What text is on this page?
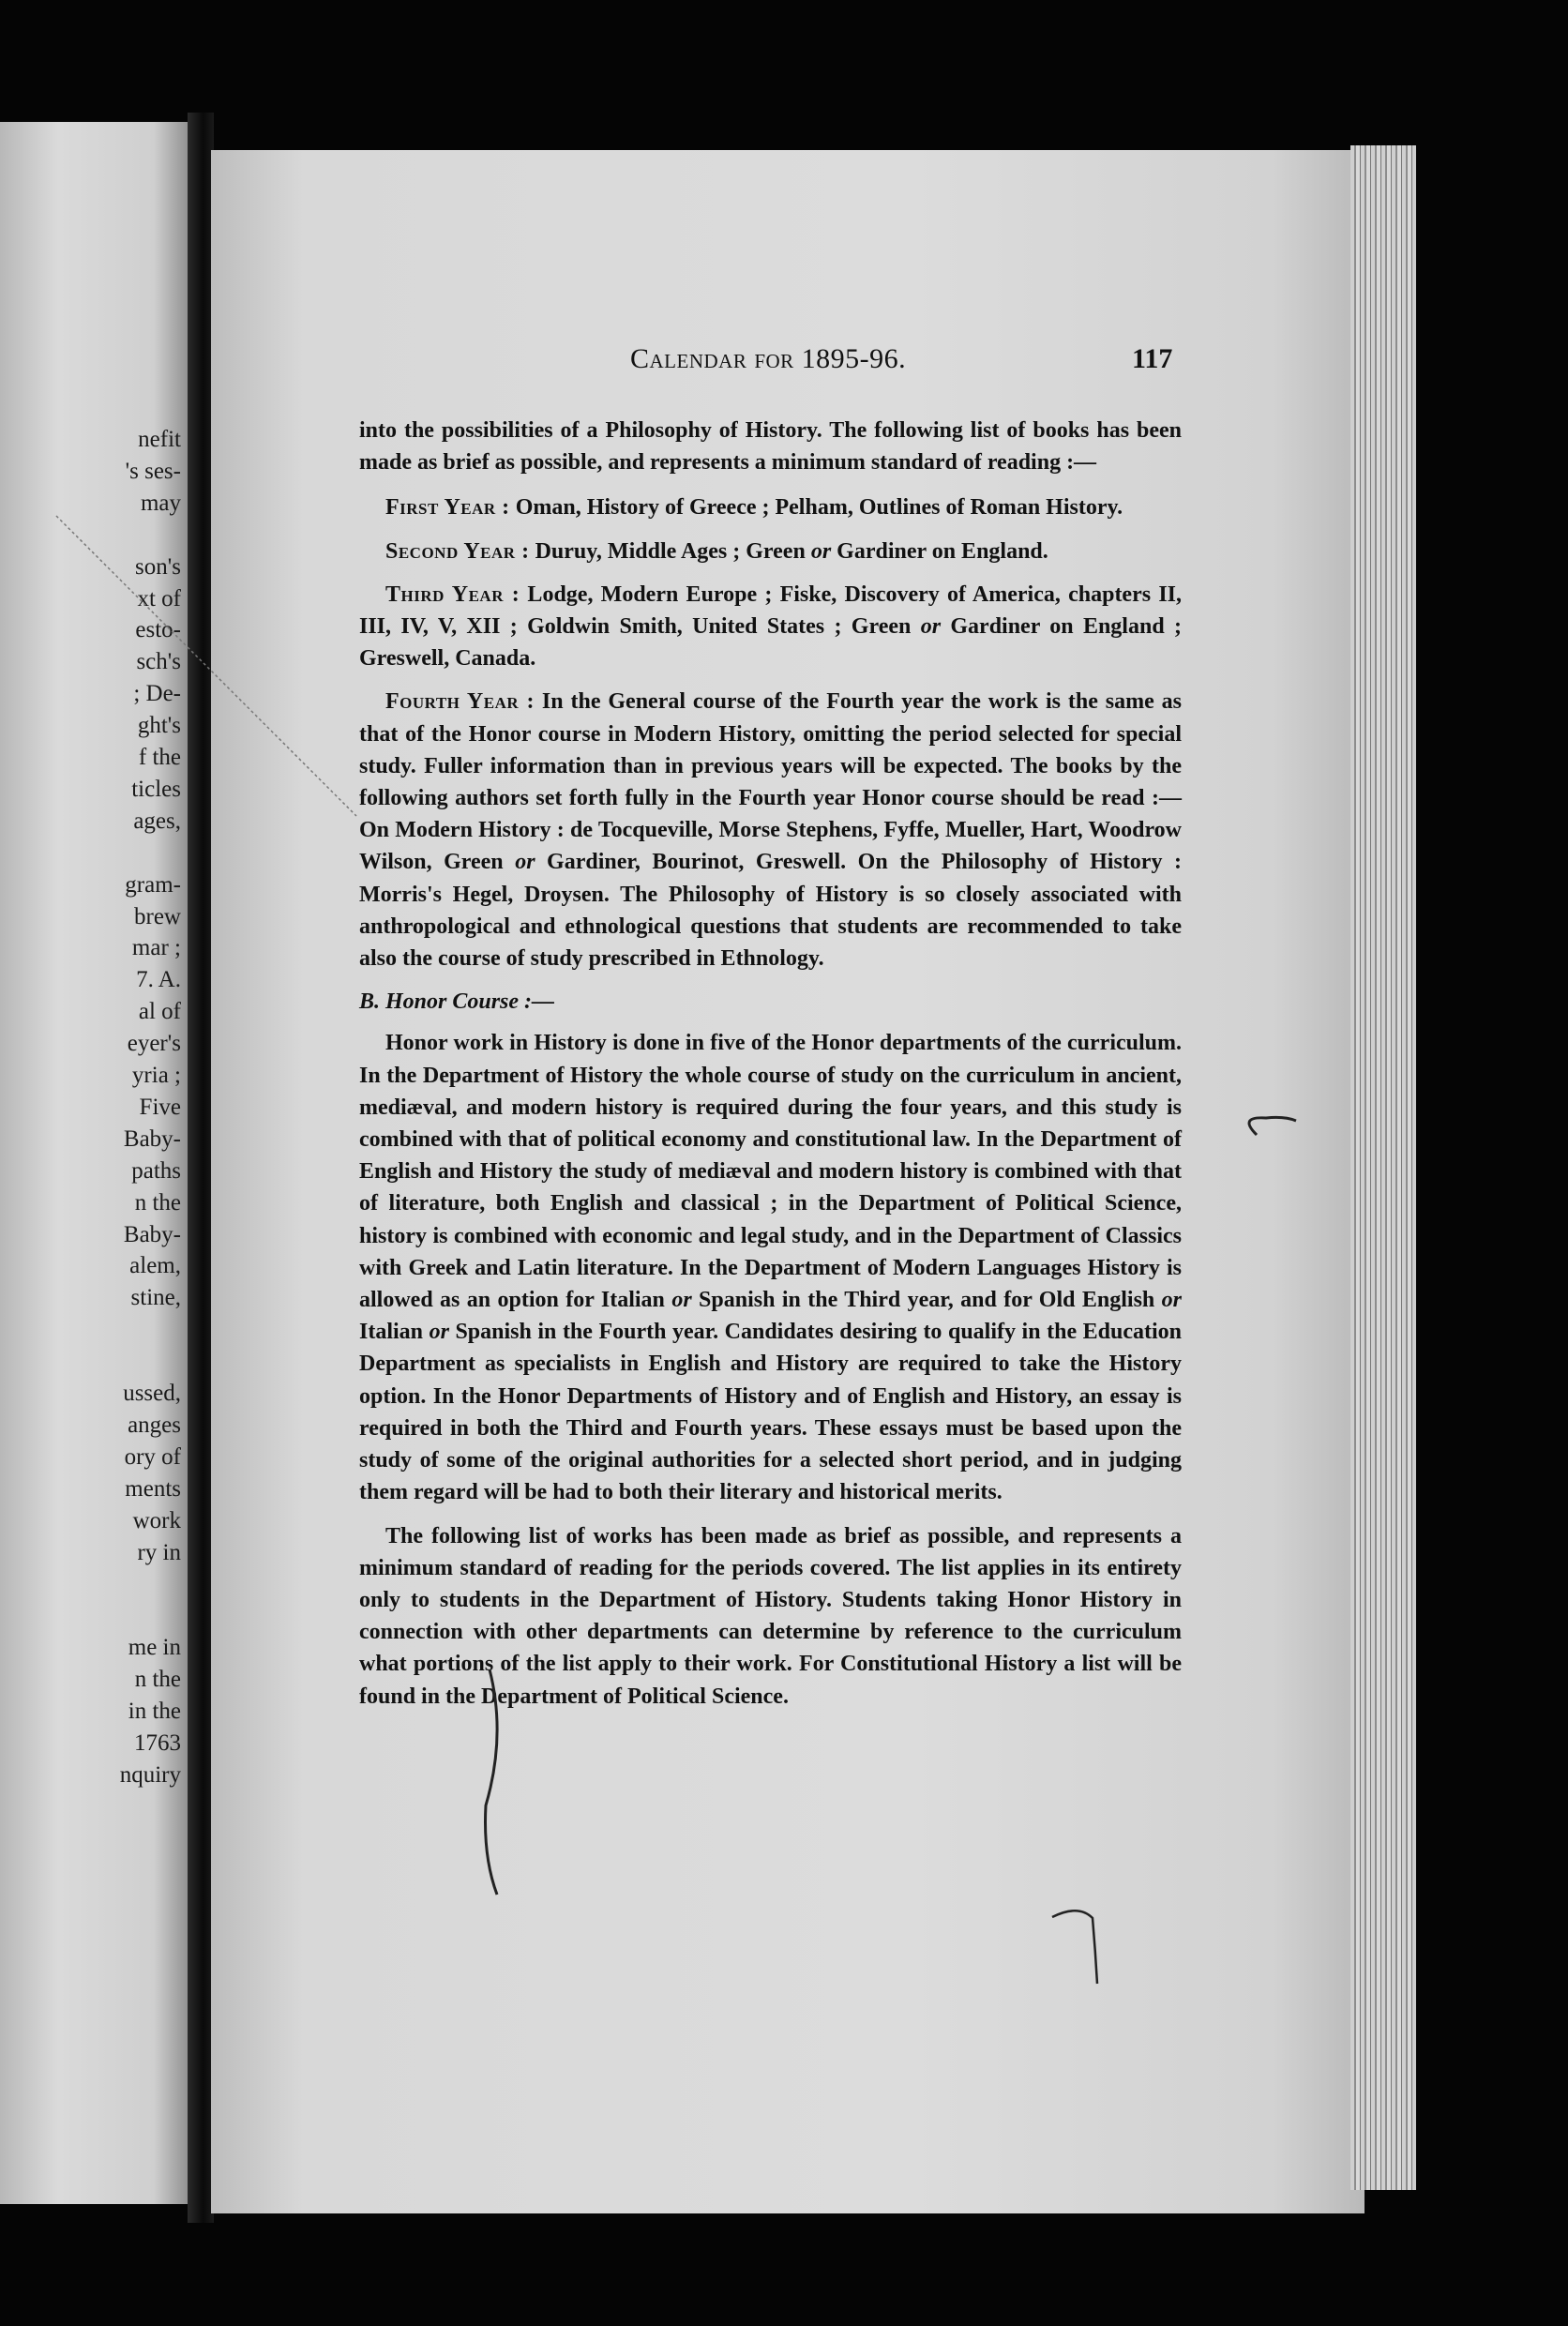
nefit
's ses-
may
son's
xt of
esto-
sch's
; De-
ght's
f the
ticles
ages,
gram-
brew
mar ;
7. A.
al of
eyer's
yria ;
Five
Baby-
paths
n the
Baby-
alem,
stine,
ussed,
anges
ory of
ments
work
ry in
me in
n the
in the
1763
nquiry
Calendar for 1895-96.	117

into the possibilities of a Philosophy of History. The following list of books has been made as brief as possible, and represents a minimum standard of reading :—

First Year : Oman, History of Greece ; Pelham, Outlines of Roman History.

Second Year : Duruy, Middle Ages ; Green or Gardiner on England.

Third Year : Lodge, Modern Europe ; Fiske, Discovery of America, chapters II, III, IV, V, XII ; Goldwin Smith, United States ; Green or Gardiner on England ; Greswell, Canada.

Fourth Year : In the General course of the Fourth year the work is the same as that of the Honor course in Modern History, omitting the period selected for special study. Fuller information than in previous years will be expected. The books by the following authors set forth fully in the Fourth year Honor course should be read :—On Modern History : de Tocqueville, Morse Stephens, Fyffe, Mueller, Hart, Woodrow Wilson, Green or Gardiner, Bourinot, Greswell. On the Philosophy of History : Morris's Hegel, Droysen. The Philosophy of History is so closely associated with anthropological and ethnological questions that students are recommended to take also the course of study prescribed in Ethnology.

B. Honor Course :—

Honor work in History is done in five of the Honor departments of the curriculum. In the Department of History the whole course of study on the curriculum in ancient, mediæval, and modern history is required during the four years, and this study is combined with that of political economy and constitutional law. In the Department of English and History the study of mediæval and modern history is combined with that of literature, both English and classical ; in the Department of Political Science, history is combined with economic and legal study, and in the Department of Classics with Greek and Latin literature. In the Department of Modern Languages History is allowed as an option for Italian or Spanish in the Third year, and for Old English or Italian or Spanish in the Fourth year. Candidates desiring to qualify in the Education Department as specialists in English and History are required to take the History option. In the Honor Departments of History and of English and History, an essay is required in both the Third and Fourth years. These essays must be based upon the study of some of the original authorities for a selected short period, and in judging them regard will be had to both their literary and historical merits.

The following list of works has been made as brief as possible, and represents a minimum standard of reading for the periods covered. The list applies in its entirety only to students in the Department of History. Students taking Honor History in connection with other departments can determine by reference to the curriculum what portions of the list apply to their work. For Constitutional History a list will be found in the Department of Political Science.
